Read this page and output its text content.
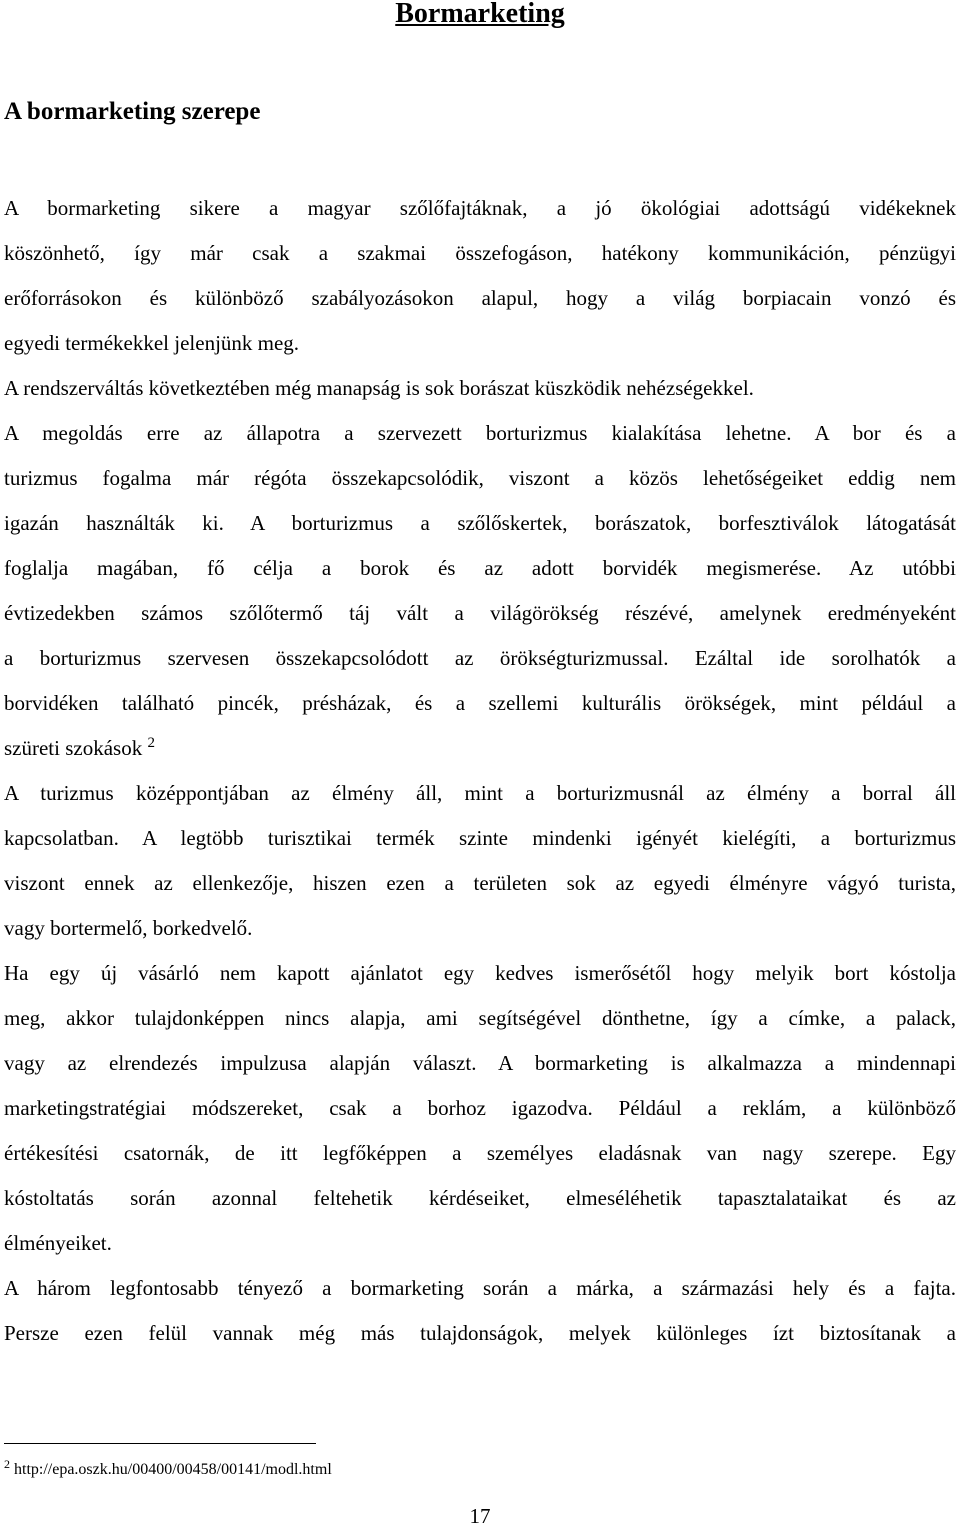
Bormarketing
A bormarketing szerepe

A bormarketing sikere a magyar szőlőfajtáknak, a jó ökológiai adottságú vidékeknek
köszönhető, így már csak a szakmai összefogáson, hatékony kommunikáción, pénzügyi
erőforrásokon és különböző szabályozásokon alapul, hogy a világ borpiacain vonzó és
egyedi termékekkel jelenjünk meg.
A rendszerváltás következtében még manapság is sok borászat küszködik nehézségekkel.
A megoldás erre az állapotra a szervezett borturizmus kialakítása lehetne. A bor és a
turizmus fogalma már régóta összekapcsolódik, viszont a közös lehetőségeiket eddig nem
igazán használták ki. A borturizmus a szőlőskertek, borászatok, borfesztiválok látogatását
foglalja magában, fő célja a borok és az adott borvidék megismerése. Az utóbbi
évtizedekben számos szőlőtermő táj vált a világörökség részévé, amelynek eredményeként
a borturizmus szervesen összekapcsolódott az örökségturizmussal. Ezáltal ide sorolhatók a
borvidéken található pincék, présházak, és a szellemi kulturális örökségek, mint például a
szüreti szokások $^2$

A turizmus középpontjában az élmény áll, mint a borturizmusnál az élmény a borral áll
kapcsolatban. A legtöbb turisztikai termék szinte mindenki igényét kielégíti, a borturizmus
viszont ennek az ellenkezője, hiszen ezen a területen sok az egyedi élményre vágyó turista,
vagy bortermelő, borkedvelő.

Ha egy új vásárló nem kapott ajánlatot egy kedves ismerősétől hogy melyik bort kóstolja
meg, akkor tulajdonképpen nincs alapja, ami segítségével dönthetne, így a címke, a palack,
vagy az elrendezés impulzusa alapján választ. A bormarketing is alkalmazza a mindennapi
marketingstratégiai módszereket, csak a borhoz igazodva. Például a reklám, a különböző
értékesítési csatornák, de itt legfőképpen a személyes eladásnak van nagy szerepe. Egy
kóstoltatás során azonnal feltehetik kérdéseiket, elmeséléhetik tapasztalataikat és az
élményeiket.

A három legfontosabb tényező a bormarketing során a márka, a származási hely és a fajta.
Persze ezen felül vannak még más tulajdonságok, melyek különleges ízt biztosítanak a

$^2$ http://epa.oszk.hu/00400/00458/00141/modl.html

17
